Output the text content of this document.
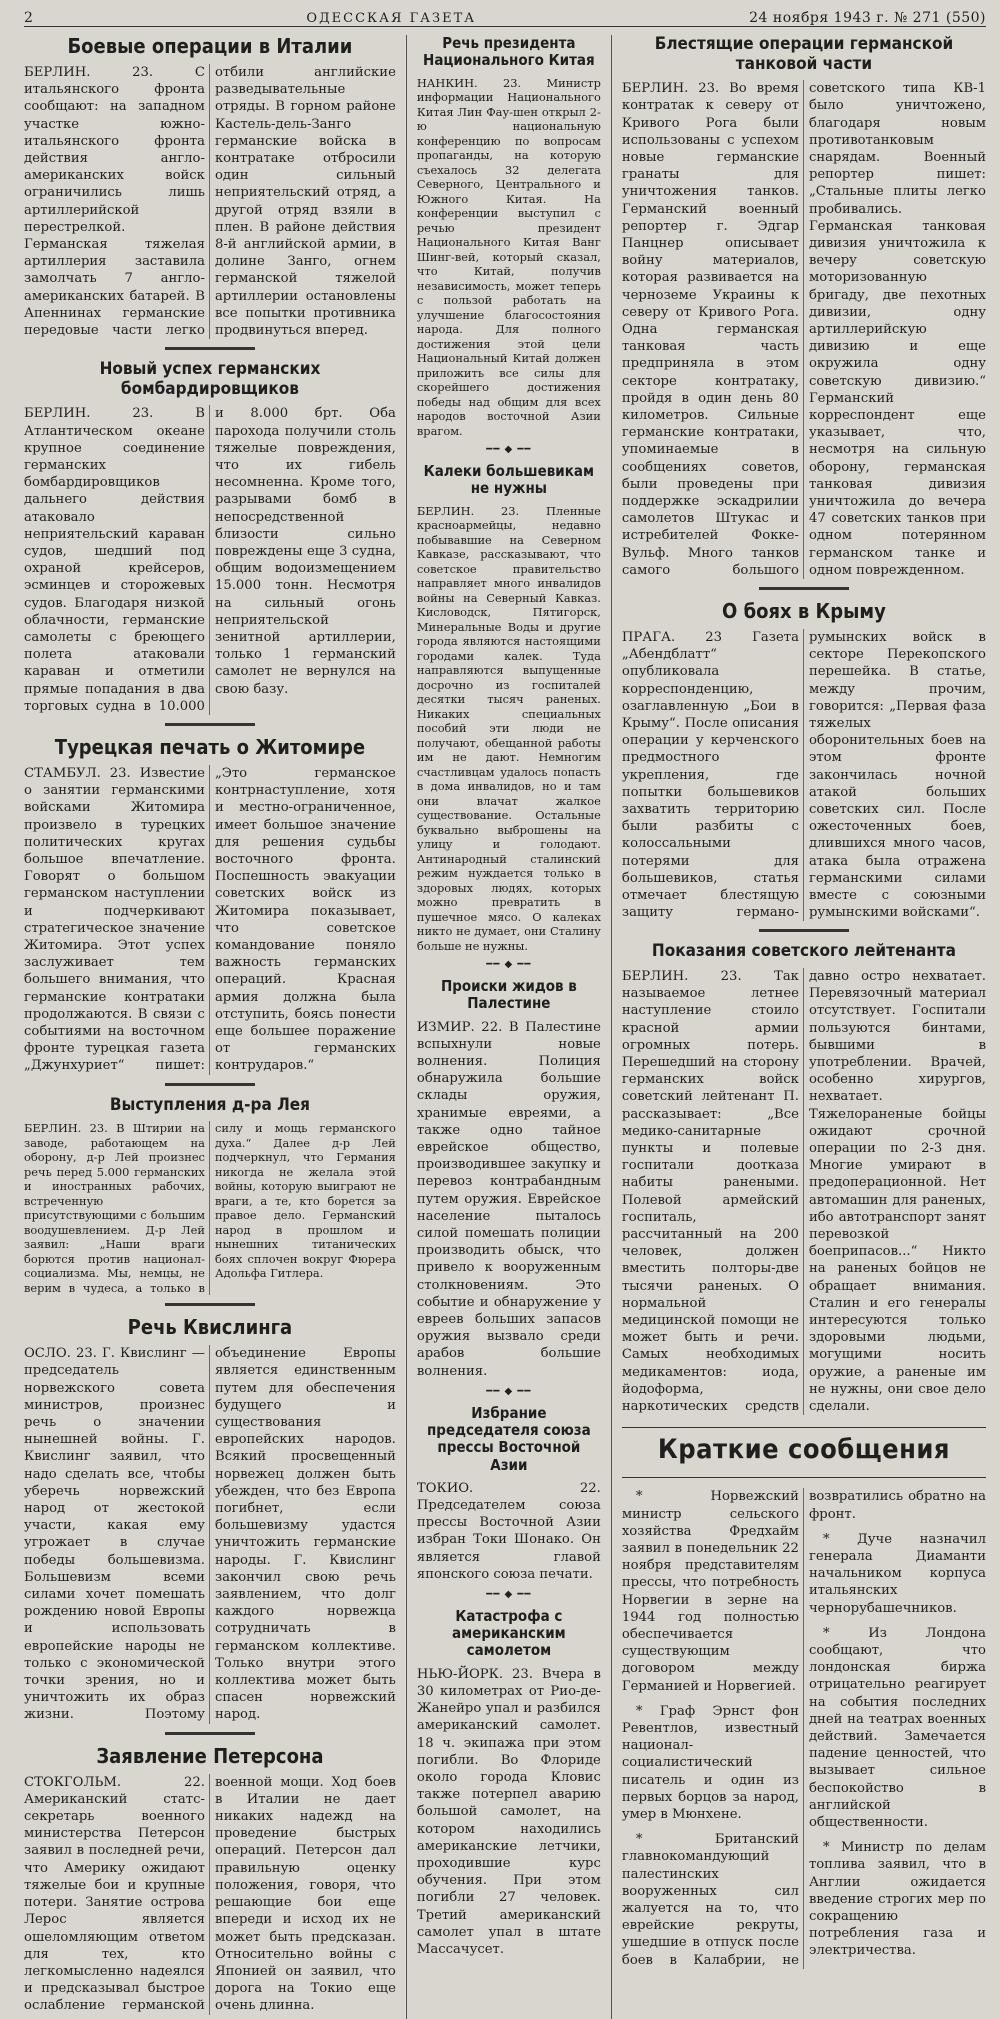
2	ОДЕССКАЯ ГАЗЕТА	24 ноября 1943 г. № 271 (550)
Боевые операции в Италии
БЕРЛИН. 23. С итальянского фронта сообщают: на западном участке южно-итальянского фронта действия англо-американских войск ограничились лишь артиллерийской перестрелкой. Германская тяжелая артиллерия заставила замолчать 7 англо-американских батарей. В Апеннинах германские передовые части легко отбили английские разведывательные отряды. В горном районе Кастель-дель-Занго германские войска в контратаке отбросили один сильный неприятельский отряд, а другой отряд взяли в плен. В районе действия 8-й английской армии, в долине Занго, огнем германской тяжелой артиллерии остановлены все попытки противника продвинуться вперед.
Новый успех германских бомбардировщиков
БЕРЛИН. 23. В Атлантическом океане крупное соединение германских бомбардировщиков дальнего действия атаковало неприятельский караван судов, шедший под охраной крейсеров, эсминцев и сторожевых судов. Благодаря низкой облачности, германские самолеты с бреющего полета атаковали караван и отметили прямые попадания в два торговых судна в 10.000 и 8.000 брт. Оба парохода получили столь тяжелые повреждения, что их гибель несомненна. Кроме того, разрывами бомб в непосредственной близости сильно повреждены еще 3 судна, общим водоизмещением 15.000 тонн. Несмотря на сильный огонь неприятельской зенитной артиллерии, только 1 германский самолет не вернулся на свою базу.
Турецкая печать о Житомире
СТАМБУЛ. 23. Известие о занятии германскими войсками Житомира произвело в турецких политических кругах большое впечатление. Говорят о большом германском наступлении и подчеркивают стратегическое значение Житомира. Этот успех заслуживает тем большего внимания, что германские контратаки продолжаются. В связи с событиями на восточном фронте турецкая газета „Джунхуриет“ пишет: „Это германское контрнаступление, хотя и местно-ограниченное, имеет большое значение для решения судьбы восточного фронта. Поспешность эвакуации советских войск из Житомира показывает, что советское командование поняло важность германских операций. Красная армия должна была отступить, боясь понести еще большее поражение от германских контрударов.“
Выступления д-ра Лея
БЕРЛИН. 23. В Штирии на заводе, работающем на оборону, д-р Лей произнес речь перед 5.000 германских и иностранных рабочих, встреченную присутствующими с большим воодушевлением. Д-р Лей заявил: „Наши враги борются против национал-социализма. Мы, немцы, не верим в чудеса, а только в силу и мощь германского духа.“ Далее д-р Лей подчеркнул, что Германия никогда не желала этой войны, которую выиграют не враги, а те, кто борется за правое дело. Германский народ в прошлом и нынешних титанических боях сплочен вокруг Фюрера Адольфа Гитлера.
Речь Квислинга
ОСЛО. 23. Г. Квислинг — председатель норвежского совета министров, произнес речь о значении нынешней войны. Г. Квислинг заявил, что надо сделать все, чтобы уберечь норвежский народ от жестокой участи, какая ему угрожает в случае победы большевизма. Большевизм всеми силами хочет помешать рождению новой Европы и использовать европейские народы не только с экономической точки зрения, но и уничтожить их образ жизни. Поэтому объединение Европы является единственным путем для обеспечения будущего и существования европейских народов. Всякий просвещенный норвежец должен быть убежден, что без Европа погибнет, если большевизму удастся уничтожить германские народы. Г. Квислинг закончил свою речь заявлением, что долг каждого норвежца сотрудничать в германском коллективе. Только внутри этого коллектива может быть спасен норвежский народ.
Заявление Петерсона
СТОКГОЛЬМ. 22. Американский статс-секретарь военного министерства Петерсон заявил в последней речи, что Америку ожидают тяжелые бои и крупные потери. Занятие острова Лерос является ошеломляющим ответом для тех, кто легкомысленно надеялся и предсказывал быстрое ослабление германской военной мощи. Ход боев в Италии не дает никаких надежд на проведение быстрых операций. Петерсон дал правильную оценку положения, говоря, что решающие бои еще впереди и исход их не может быть предсказан. Относительно войны с Японией он заявил, что дорога на Токио еще очень длинна.
Речь президента Национального Китая
НАНКИН. 23. Министр информации Национального Китая Лин Фау-шен открыл 2-ю национальную конференцию по вопросам пропаганды, на которую съехалось 32 делегата Северного, Центрального и Южного Китая. На конференции выступил с речью президент Национального Китая Ванг Шинг-вей, который сказал, что Китай, получив независимость, может теперь с пользой работать на улучшение благосостояния народа. Для полного достижения этой цели Национальный Китай должен приложить все силы для скорейшего достижения победы над общим для всех народов восточной Азии врагом.
━━ ◆ ━━
Калеки большевикам не нужны
БЕРЛИН. 23. Пленные красноармейцы, недавно побывавшие на Северном Кавказе, рассказывают, что советское правительство направляет много инвалидов войны на Северный Кавказ. Кисловодск, Пятигорск, Минеральные Воды и другие города являются настоящими городами калек. Туда направляются выпущенные досрочно из госпиталей десятки тысяч раненых. Никаких специальных пособий эти люди не получают, обещанной работы им не дают. Немногим счастливцам удалось попасть в дома инвалидов, но и там они влачат жалкое существование. Остальные буквально выброшены на улицу и голодают. Антинародный сталинский режим нуждается только в здоровых людях, которых можно превратить в пушечное мясо. О калеках никто не думает, они Сталину больше не нужны.
━━ ◆ ━━
Происки жидов в Палестине
ИЗМИР. 22. В Палестине вспыхнули новые волнения. Полиция обнаружила большие склады оружия, хранимые евреями, а также одно тайное еврейское общество, производившее закупку и перевоз контрабандным путем оружия. Еврейское население пыталось силой помешать полиции производить обыск, что привело к вооруженным столкновениям. Это событие и обнаружение у евреев больших запасов оружия вызвало среди арабов большие волнения.
━━ ◆ ━━
Избрание председателя союза прессы Восточной Азии
ТОКИО. 22. Председателем союза прессы Восточной Азии избран Токи Шонако. Он является главой японского союза печати.
━━ ◆ ━━
Катастрофа с американским самолетом
НЬЮ-ЙОРК. 23. Вчера в 30 километрах от Рио-де-Жанейро упал и разбился американский самолет. 18 ч. экипажа при этом погибли. Во Флориде около города Кловис также потерпел аварию большой самолет, на котором находились американские летчики, проходившие курс обучения. При этом погибли 27 человек. Третий американский самолет упал в штате Массачусет.
Блестящие операции германской танковой части
БЕРЛИН. 23. Во время контратак к северу от Кривого Рога были использованы с успехом новые германские гранаты для уничтожения танков. Германский военный репортер г. Эдгар Панцнер описывает войну материалов, которая развивается на черноземе Украины к северу от Кривого Рога. Одна германская танковая часть предприняла в этом секторе контратаку, пройдя в один день 80 километров. Сильные германские контратаки, упоминаемые в сообщениях советов, были проведены при поддержке эскадрилии самолетов Штукас и истребителей Фокке-Вульф. Много танков самого большого советского типа КВ-1 было уничтожено, благодаря новым противотанковым снарядам. Военный репортер пишет: „Стальные плиты легко пробивались. Германская танковая дивизия уничтожила к вечеру советскую моторизованную бригаду, две пехотных дивизии, одну артиллерийскую дивизию и еще окружила одну советскую дивизию.“ Германский корреспондент еще указывает, что, несмотря на сильную оборону, германская танковая дивизия уничтожила до вечера 47 советских танков при одном потерянном германском танке и одном поврежденном.
О боях в Крыму
ПРАГА. 23 Газета „Абендблатт“ опубликовала корреспонденцию, озаглавленную „Бои в Крыму“. После описания операции у керченского предмостного укрепления, где попытки большевиков захватить территорию были разбиты с колоссальными потерями для большевиков, статья отмечает блестящую защиту германо-румынских войск в секторе Перекопского перешейка. В статье, между прочим, говорится: „Первая фаза тяжелых оборонительных боев на этом фронте закончилась ночной атакой больших советских сил. После ожесточенных боев, длившихся много часов, атака была отражена германскими силами вместе с союзными румынскими войсками“.
Показания советского лейтенанта
БЕРЛИН. 23. Так называемое летнее наступление стоило красной армии огромных потерь. Перешедший на сторону германских войск советский лейтенант П. рассказывает: „Все медико-санитарные пункты и полевые госпитали доотказа набиты ранеными. Полевой армейский госпиталь, рассчитанный на 200 человек, должен вместить полторы-две тысячи раненых. О нормальной медицинской помощи не может быть и речи. Самых необходимых медикаментов: иода, йодоформа, наркотических средств давно остро нехватает. Перевязочный материал отсутствует. Госпитали пользуются бинтами, бывшими в употреблении. Врачей, особенно хирургов, нехватает. Тяжелораненые бойцы ожидают срочной операции по 2-3 дня. Многие умирают в предоперационной. Нет автомашин для раненых, ибо автотранспорт занят перевозкой боеприпасов...“ Никто на раненых бойцов не обращает внимания. Сталин и его генералы интересуются только здоровыми людьми, могущими носить оружие, а раненые им не нужны, они свое дело сделали.
Краткие сообщения

* Норвежский министр сельского хозяйства Фредхайм заявил в понедельник 22 ноября представителям прессы, что потребность Норвегии в зерне на 1944 год полностью обеспечивается существующим договором между Германией и Норвегией.

* Граф Эрнст фон Ревентлов, известный национал-социалистический писатель и один из первых борцов за народ, умер в Мюнхене.

* Британский главнокомандующий палестинских вооруженных сил жалуется на то, что еврейские рекруты, ушедшие в отпуск после боев в Калабрии, не возвратились обратно на фронт.

* Дуче назначил генерала Диаманти начальником корпуса итальянских чернорубашечников.

* Из Лондона сообщают, что лондонская биржа отрицательно реагирует на события последних дней на театрах военных действий. Замечается падение ценностей, что вызывает сильное беспокойство в английской общественности.

* Министр по делам топлива заявил, что в Англии ожидается введение строгих мер по сокращению потребления газа и электричества.
